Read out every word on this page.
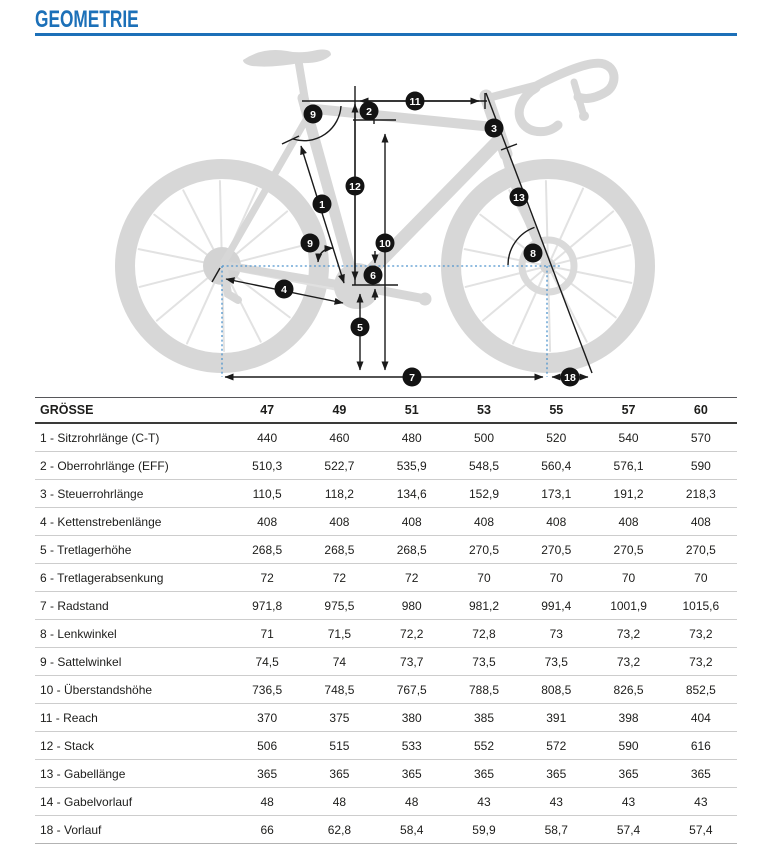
GEOMETRIE
9	2
11
12
1
3
13
9	10
6
4
5
8
7	18
GRÖSSE	47	49	51	53	55	57	60
1 - Sitzrohrlänge (C-T)	440	460	480	500	520	540	570
2 - Oberrohrlänge (EFF)	510,3	522,7	535,9	548,5	560,4	576,1	590
3 - Steuerrohrlänge	110,5	118,2	134,6	152,9	173,1	191,2	218,3
4 - Kettenstrebenlänge	408	408	408	408	408	408	408
5 - Tretlagerhöhe	268,5	268,5	268,5	270,5	270,5	270,5	270,5
6 - Tretlagerabsenkung	72	72	72	70	70	70	70
7 - Radstand	971,8	975,5	980	981,2	991,4	1001,9	1015,6
8 - Lenkwinkel	71	71,5	72,2	72,8	73	73,2	73,2
9 - Sattelwinkel	74,5	74	73,7	73,5	73,5	73,2	73,2
10 - Überstandshöhe	736,5	748,5	767,5	788,5	808,5	826,5	852,5
11 - Reach	370	375	380	385	391	398	404
12 - Stack	506	515	533	552	572	590	616
13 - Gabellänge	365	365	365	365	365	365	365
14 - Gabelvorlauf	48	48	48	43	43	43	43
18 - Vorlauf	66	62,8	58,4	59,9	58,7	57,4	57,4
